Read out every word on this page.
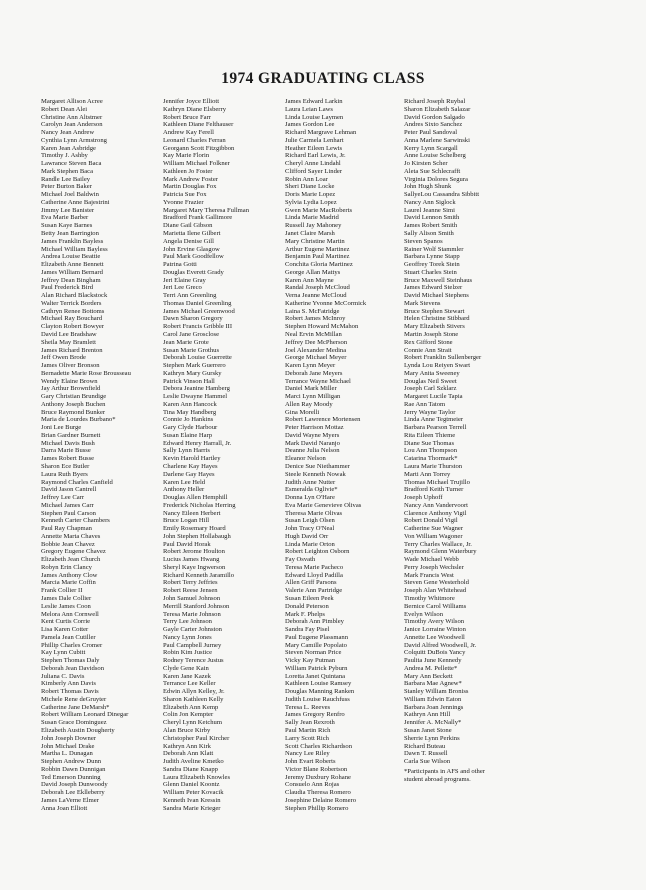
1974 GRADUATING CLASS
Margaret Allison Acree
Robert Dean Alei
Christine Ann Altstmer
Carolyn Jean Anderson
Nancy Jean Andrew
Cynthia Lynn Armstrong
Karen Jean Asbridge
Timothy J. Ashby
Lawrance Steven Baca
Mark Stephen Baca
Randle Lee Bailey
Peter Burton Baker
Michael Joel Baldwin
Catherine Anne Bajestrini
Jimmy Lee Banister
Eva Marie Barber
Susan Kaye Barnes
Betty Jean Barrington
James Franklin Bayless
Michael William Bayless
Andrea Louise Beattie
Elizabeth Anne Bennett
James William Bernard
Jeffrey Dean Bingham
Paul Frederick Bird
Alan Richard Blackstock
Walter Terrick Borders
Cathryn Renee Bottoms
Michael Ray Bouchard
Clayton Robert Bowyer
David Lee Bradshaw
Sheila May Bramlett
James Richard Brenton
Jeff Owen Brode
James Oliver Bronson
Bernadette Marie Rose Brousseau
Wendy Elaine Brown
Jay Arthur Brownfield
Gary Christian Brundige
Anthony Joseph Buchen
Bruce Raymond Bunker
Maria de Lourdes Burbano*
Joni Lee Burge
Brian Gardner Burnett
Michael Davis Bush
Darra Marie Busse
James Robert Busse
Sharon Ece Butler
Laura Ruth Byers
Raymond Charles Canfield
David Jason Cantrell
Jeffrey Lee Carr
Michael James Carr
Stephen Paul Carson
Kenneth Carter Chambers
Paul Ray Chapman
Annette Marta Chaves
Bobbie Jean Chavez
Gregory Eugene Chavez
Elizabeth Jean Church
Robyn Erin Clancy
James Anthony Clow
Marcia Marie Coffin
Frank Collier II
James Dale Collier
Leslie James Coon
Melora Ann Cornwell
Kent Curtis Corrie
Lisa Karen Cotter
Pamela Jean Cutiller
Phillip Charles Cromer
Kay Lynn Cubitt
Stephen Thomas Daly
Deborah Jean Davidson
Juliana C. Davis
Kimberly Ann Davis
Robert Thomas Davis
Michele Rene deGruyter
Catherine Jane DeMarsh*
Robert William Leonard Dinegar
Susan Grace Dominguez
Elizabeth Austin Dougherty
John Joseph Downer
John Michael Drake
Martha L. Dunagan
Stephen Andrew Dunn
Robbin Dawn Dunnigan
Ted Emerson Dunning
David Joseph Dunwoody
Deborah Lee Eklleberry
James LaVerne Elmer
Anna Joan Elliott
Jennifer Joyce Elliott
Kathryn Diane Elsberry
Robert Bruce Farr
Kathleen Diane Felthauser
Andrew Kay Ferell
Leonard Charles Ferran
Georgann Scott Fitzgibbon
Kay Marie Florin
William Michael Folkner
Kathleen Jo Foster
Mark Andrew Foster
Martin Douglas Fox
Patricia Sue Fox
Yvonne Frazier
Margaret Mary Theresa Fullman
Bradford Frank Gallimore
Diane Gail Gibson
Marietta Ilene Gilbert
Angela Denise Gill
John Ervine Glasgow
Paul Mark Goodfellow
Patrina Gotti
Douglas Everett Grady
Jeri Elaine Gray
Jeri Lee Greco
Terri Ann Greenling
Thomas Daniel Greenling
James Michael Greenwood
Dawn Sharon Gregory
Robert Francis Gribble III
Carol Jane Grosclose
Jean Marie Grote
Susan Marie Grothus
Deborah Louise Guerrette
Stephen Mark Guerrero
Kathryn Mary Gursky
Patrick Vinson Hall
Debora Jeanine Hamberg
Leslie Dwayne Hammel
Karen Ann Hancock
Tina May Handberg
Connie Jo Hankins
Gary Clyde Harbour
Susan Elaine Harp
Edward Henry Harrall, Jr.
Sally Lynn Harris
Kevin Harold Hartley
Charlene Kay Hayes
Darlene Gay Hayes
Karen Lee Held
Anthony Heller
Douglas Allen Hemphill
Frederick Nicholas Herring
Nancy Eileen Herbert
Bruce Logan Hill
Emily Rosemary Hoard
John Stephen Hollabaugh
Paul David Horak
Robert Jerome Houlton
Lucius James Hwang
Sheryl Kaye Ingwerson
Richard Kenneth Jaramillo
Robert Terry Jeffries
Robert Reese Jensen
John Samuel Johnson
Merrill Stanford Johnson
Teresa Marie Johnson
Terry Lee Johnson
Gayle Carter Johnston
Nancy Lynn Jones
Paul Campbell Jurney
Robin Kim Justice
Rodney Terence Justus
Clyde Gene Kain
Karen Jane Kazek
Terrance Lee Keller
Edwin Allyn Kelley, Jr.
Sharon Kathleen Kelly
Elizabeth Ann Kemp
Colin Jon Kempter
Cheryl Lynn Ketchum
Alan Bruce Kirby
Christopher Paul Kircher
Kathryn Ann Kirk
Deborah Ann Klatt
Judith Aveline Kmetko
Sandra Diane Knapp
Laura Elizabeth Knowles
Glenn Daniel Koontz
William Peter Kovacik
Kenneth Ivan Kressin
Sandra Marie Krieger
James Edward Larkin
Laura Leian Laws
Linda Louise Laymen
James Gordon Lee
Richard Margrave Lehman
Julie Carmela Lenhart
Heather Eileen Lewis
Richard Earl Lewis, Jr.
Cheryl Anne Lindahl
Clifford Sayer Linder
Robin Ann Loar
Sheri Diane Locke
Doris Marie Lopez
Sylvia Lydia Lopez
Gwen Marie MacRoberts
Linda Marie Madrid
Russell Jay Mahoney
Janet Claire Marsh
Mary Christine Martin
Arthur Eugene Martinez
Benjamin Paul Martinez
Conchita Gloria Martinez
George Allan Mattys
Karen Ann Mayne
Randal Joseph McCloud
Verna Jeanne McCloud
Katherine Yvonne McCormick
Laina S. McFatridge
Robert James McInroy
Stephen Howard McMahon
Neal Ervin McMillan
Jeffrey Dee McPherson
Joel Alexander Medina
George Michael Meyer
Karen Lynn Meyer
Deborah Jane Meyers
Terrance Wayne Michael
Daniel Mark Miller
Marci Lynn Milligan
Allen Ray Moody
Gina Morelli
Robert Lawrence Mortensen
Peter Harrison Mottaz
David Wayne Myers
Mark David Naranjo
Deanne Julia Nelson
Eleanor Nelson
Denice Sue Niethammer
Steele Kenneth Nowak
Judith Anne Nutter
Esmeralda Oglivie*
Donna Lyn O'Hare
Eva Marie Genevieve Olivas
Theresa Marie Olivas
Susan Leigh Olsen
John Tracy O'Neal
Hugh David Orr
Linda Marie Orton
Robert Leighton Osborn
Fay Osvath
Teresa Marie Pacheco
Edward Lloyd Padilla
Allen Griff Parsons
Valerie Ann Partridge
Susan Eileen Peek
Donald Peterson
Mark F. Phelps
Deborah Ann Pimbley
Sandra Fay Pisel
Paul Eugene Plassmann
Mary Camille Popolato
Steven Norman Price
Vicky Kay Putman
William Patrick Pyburn
Loretta Janet Quintana
Kathleen Louise Ramsey
Douglas Manning Ranken
Judith Louise Rauchfuss
Teresa L. Reeves
James Gregory Renfro
Sally Jean Rexroth
Paul Martin Rich
Larry Scott Rich
Scott Charles Richardson
Nancy Lee Riley
John Evart Roberts
Victor Blane Robertson
Jeremy Duxbury Rohane
Consuelo Ann Rojas
Claudia Theresa Romero
Josephine Delaine Romero
Stephen Phillip Romero
Richard Joseph Ruybal
Sharon Elizabeth Salazar
David Gordon Salgado
Andres Sixto Sanchez
Peter Paul Sandoval
Anna Marlene Sarwinski
Kerry Lynn Scargall
Anne Louise Schelberg
Jo Kirsten Scher
Aleta Sue Schlecrafft
Virginia Dolores Segura
John Hugh Shunk
SallyeLou Cassandra Sibbitt
Nancy Ann Siglock
Laurel Jeanne Simi
David Lennon Smith
James Robert Smith
Sally Alison Smith
Steven Spanos
Rainer Wolf Stammler
Barbara Lynne Stapp
Geoffrey Torek Stein
Stuart Charles Stein
Bruce Maxwell Steinhaus
James Edward Stelzer
David Michael Stephens
Mark Stevens
Bruce Stephen Stewart
Helen Christine Stibbard
Mary Elizabeth Stivers
Martin Joseph Stone
Rex Gifford Stone
Connie Ann Strait
Robert Franklin Sullenberger
Lynda Lou Reiyen Swart
Mary Anita Sweeney
Douglas Neil Sweet
Joseph Carl Szklarz
Margaret Lucile Tapia
Rae Ann Tatom
Jerry Wayne Taylor
Linda Anne Tegtmeier
Barbara Pearson Terrell
Rita Eileen Thieme
Diane Sue Thomas
Lou Ann Thompson
Catarina Thormark*
Laura Marie Thurston
Marti Ann Torrey
Thomas Michael Trujillo
Bradford Keith Turner
Joseph Uphoff
Nancy Ann Vandervoort
Clarence Anthony Vigil
Robert Donald Vigil
Catherine Sue Wagner
Von William Wagoner
Terry Charles Wallace, Jr.
Raymond Glenn Waterbury
Wade Michael Webb
Perry Joseph Wechsler
Mark Francis West
Steven Gene Westerhold
Joseph Alan Whitehead
Timothy Whitmore
Bernice Carol Williams
Evelyn Wilson
Timothy Avery Wilson
Janice Lorraine Winton
Annette Lee Woodwell
David Alfred Woodwell, Jr.
Colquitt DuBois Yancy
Paulita June Kennedy
Andrea M. Pellette*
Mary Ann Beckett
Barbara Mae Agnew*
Stanley William Broniss
William Edwin Eaton
Barbara Joan Jennings
Kathryn Ann Hill
Jennifer A. McNally*
Susan Janet Stone
Sherrie Lynn Perkins
Richard Buteau
Dawn T. Russell
Carla Sue Wilson
*Participants in AFS and other
student abroad programs.
